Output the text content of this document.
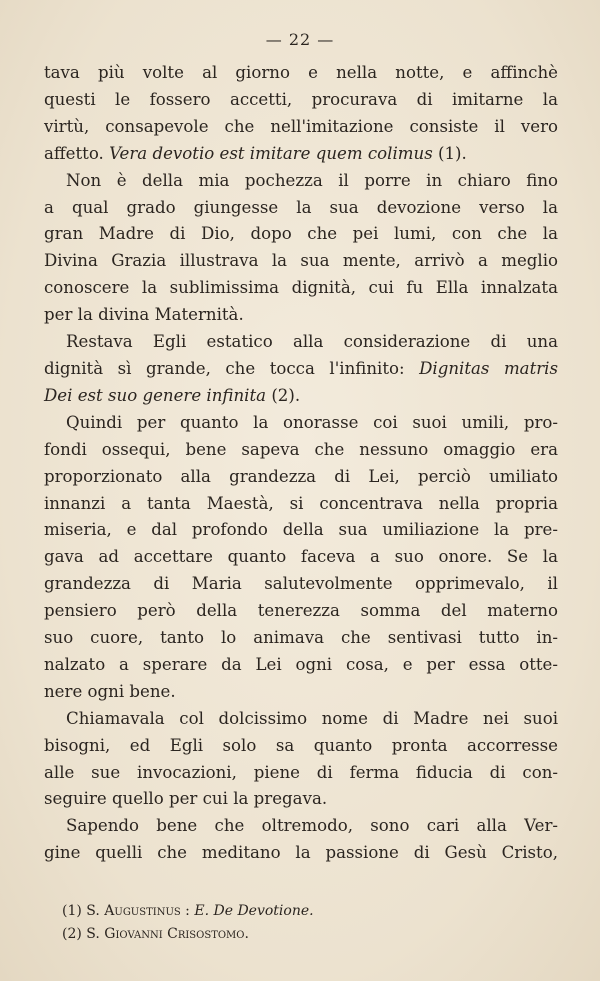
— 22 —
tava più volte al giorno e nella notte, e affinchè
questi le fossero accetti, procurava di imitarne la
virtù, consapevole che nell'imitazione consiste il vero
affetto. Vera devotio est imitare quem colimus (1).
Non è della mia pochezza il porre in chiaro fino
a qual grado giungesse la sua devozione verso la
gran Madre di Dio, dopo che pei lumi, con che la
Divina Grazia illustrava la sua mente, arrivò a meglio
conoscere la sublimissima dignità, cui fu Ella innalzata
per la divina Maternità.
Restava Egli estatico alla considerazione di una
dignità sì grande, che tocca l'infinito: Dignitas matris
Dei est suo genere infinita (2).
Quindi per quanto la onorasse coi suoi umili, pro-
fondi ossequi, bene sapeva che nessuno omaggio era
proporzionato alla grandezza di Lei, perciò umiliato
innanzi a tanta Maestà, si concentrava nella propria
miseria, e dal profondo della sua umiliazione la pre-
gava ad accettare quanto faceva a suo onore. Se la
grandezza di Maria salutevolmente opprimevalo, il
pensiero però della tenerezza somma del materno
suo cuore, tanto lo animava che sentivasi tutto in-
nalzato a sperare da Lei ogni cosa, e per essa otte-
nere ogni bene.
Chiamavala col dolcissimo nome di Madre nei suoi
bisogni, ed Egli solo sa quanto pronta accorresse
alle sue invocazioni, piene di ferma fiducia di con-
seguire quello per cui la pregava.
Sapendo bene che oltremodo, sono cari alla Ver-
gine quelli che meditano la passione di Gesù Cristo,
(1) S. Augustinus : E. De Devotione.
(2) S. Giovanni Crisostomo.
